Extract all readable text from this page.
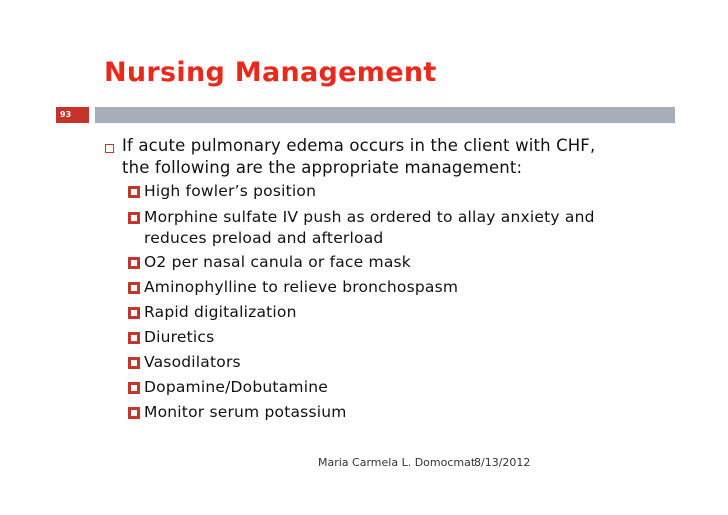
Nursing Management
93
If acute pulmonary edema occurs in the client with CHF,
the following are the appropriate management:
High fowler’s position
Morphine sulfate IV push as ordered to allay anxiety and
reduces preload and afterload
O2 per nasal canula or face mask
Aminophylline to relieve bronchospasm
Rapid digitalization
Diuretics
Vasodilators
Dopamine/Dobutamine
Monitor serum potassium
Maria Carmela L. Domocmat
8/13/2012
